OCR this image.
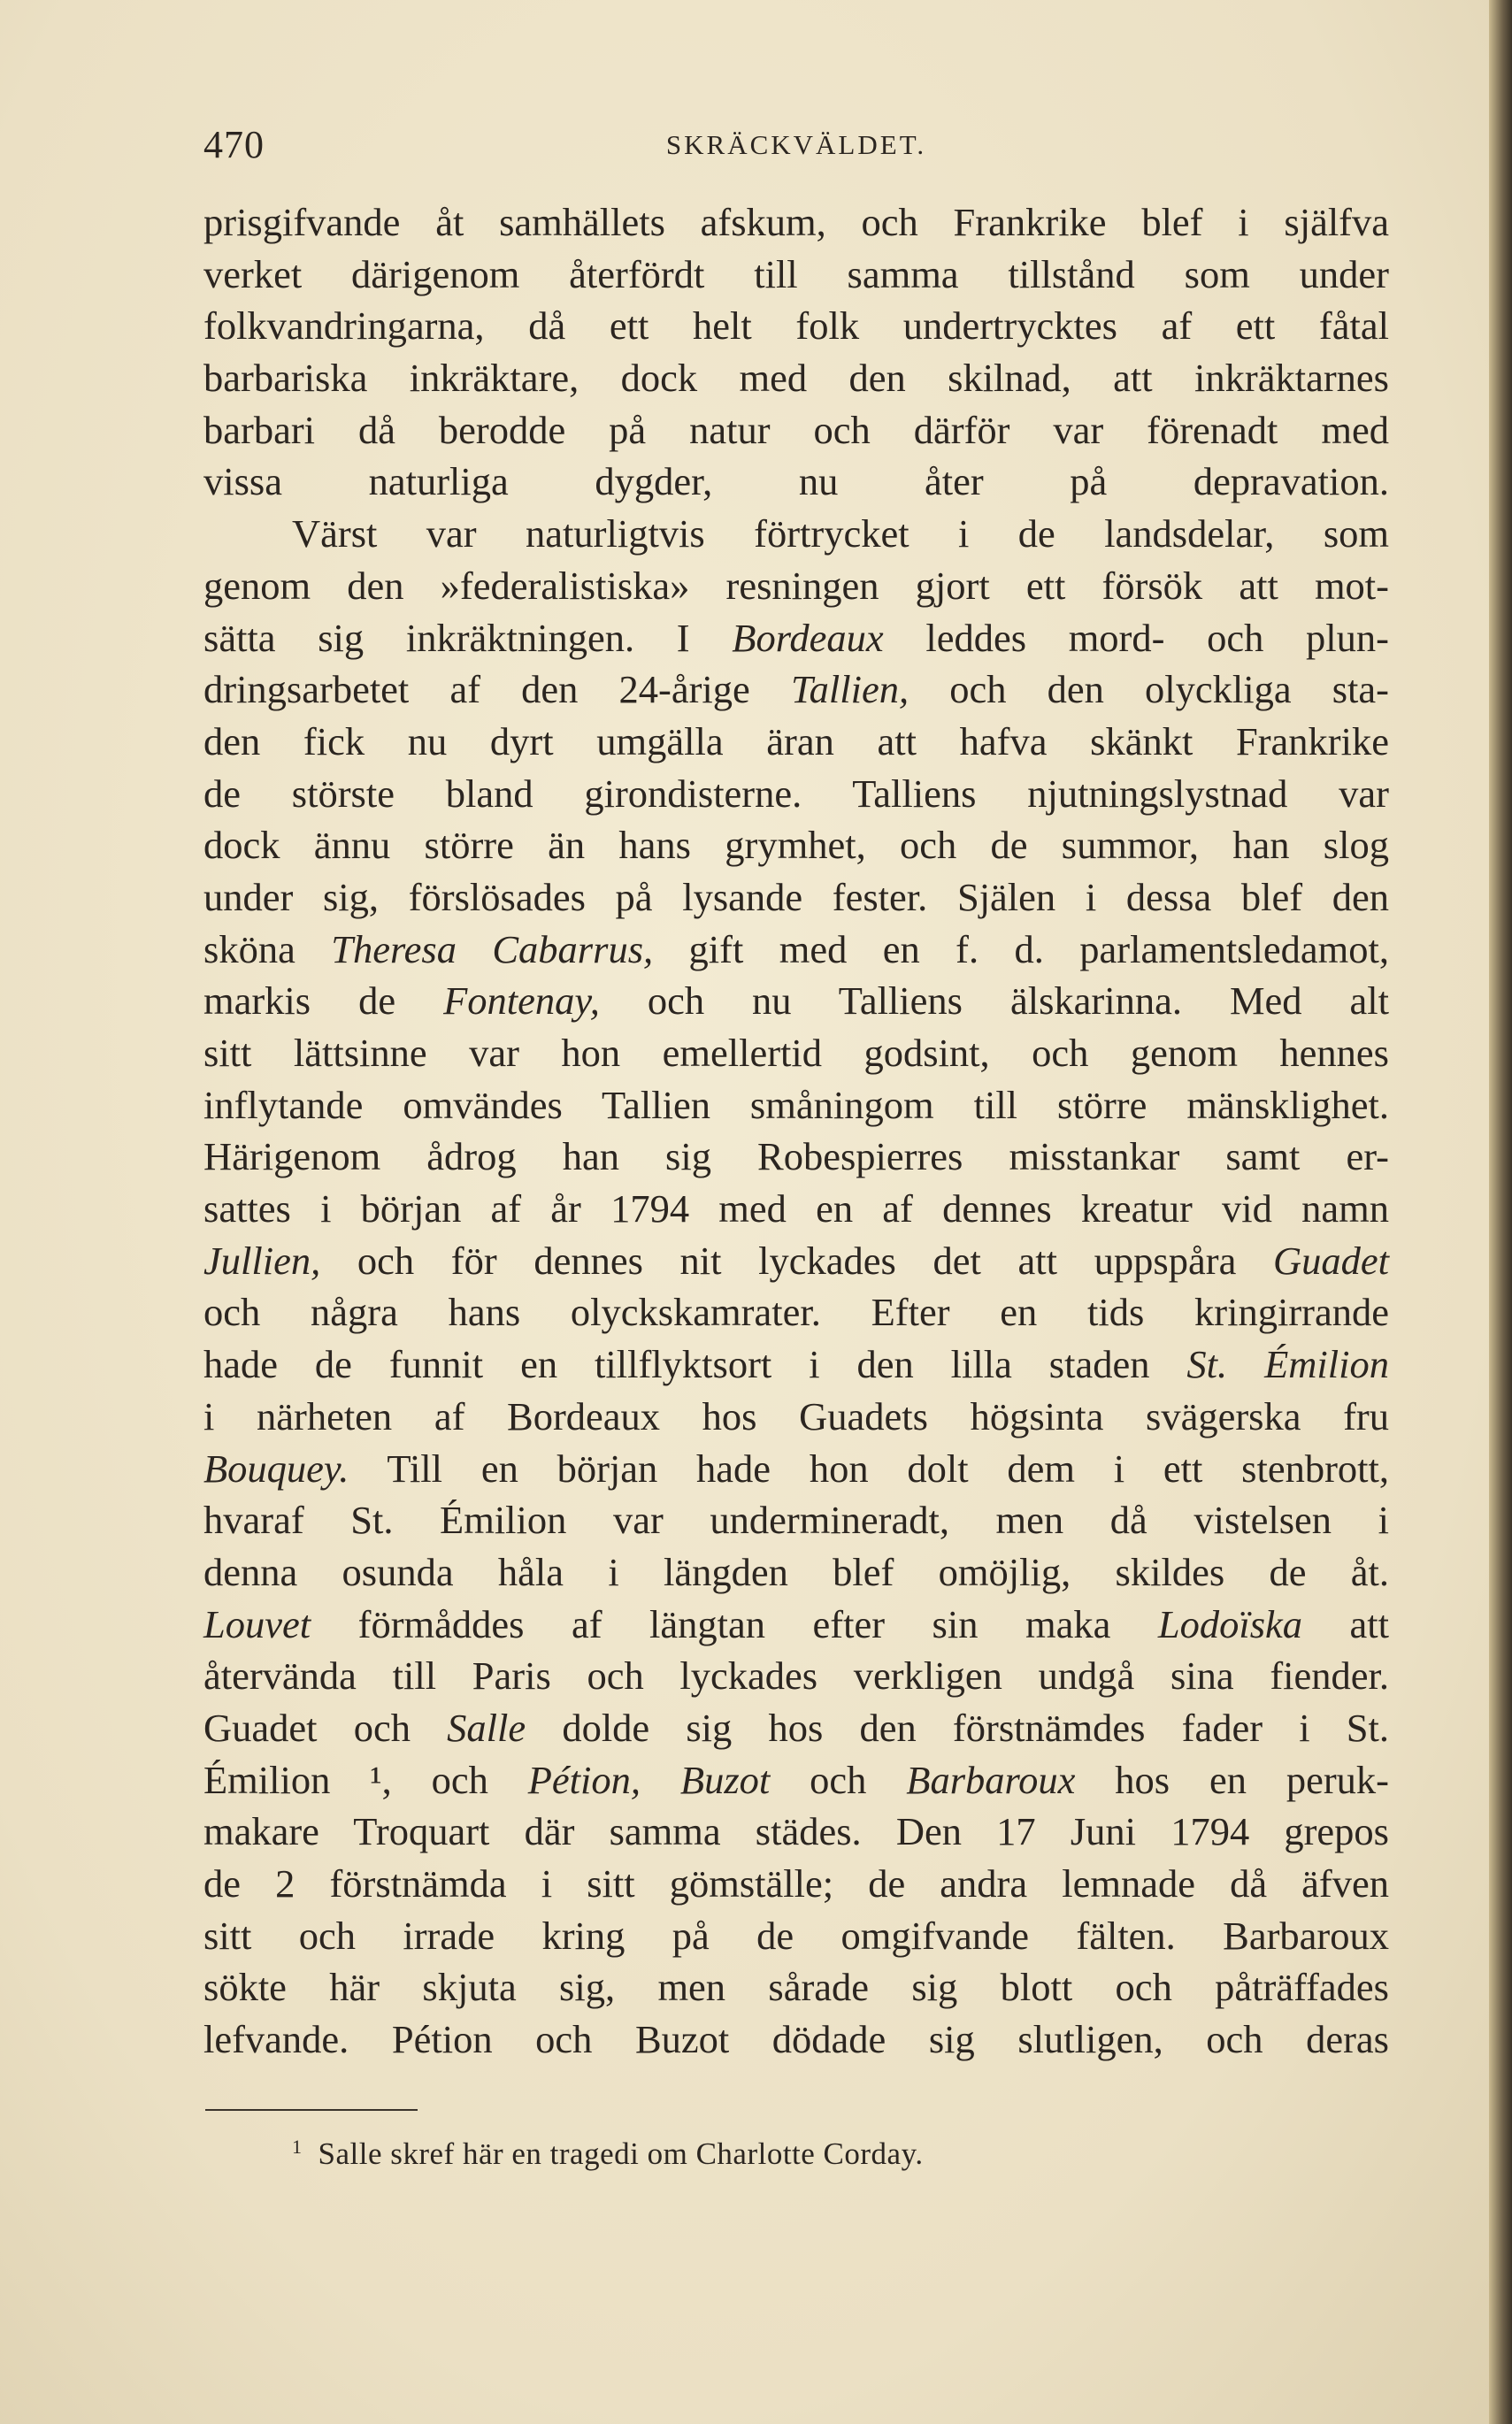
470	SKRÄCKVÄLDET.
prisgifvande åt samhällets afskum, och Frankrike blef i själfva
verket därigenom återfördt till samma tillstånd som under
folkvandringarna, då ett helt folk undertrycktes af ett fåtal
barbariska inkräktare, dock med den skilnad, att inkräktarnes
barbari då berodde på natur och därför var förenadt med
vissa naturliga dygder, nu åter på depravation.
Värst var naturligtvis förtrycket i de landsdelar, som
genom den »federalistiska» resningen gjort ett försök att mot-
sätta sig inkräktningen. I Bordeaux leddes mord- och plun-
dringsarbetet af den 24-årige Tallien, och den olyckliga sta-
den fick nu dyrt umgälla äran att hafva skänkt Frankrike
de störste bland girondisterne. Talliens njutningslystnad var
dock ännu större än hans grymhet, och de summor, han slog
under sig, förslösades på lysande fester. Själen i dessa blef den
sköna Theresa Cabarrus, gift med en f. d. parlamentsledamot,
markis de Fontenay, och nu Talliens älskarinna. Med alt
sitt lättsinne var hon emellertid godsint, och genom hennes
inflytande omvändes Tallien småningom till större mänsklighet.
Härigenom ådrog han sig Robespierres misstankar samt er-
sattes i början af år 1794 med en af dennes kreatur vid namn
Jullien, och för dennes nit lyckades det att uppspåra Guadet
och några hans olyckskamrater. Efter en tids kringirrande
hade de funnit en tillflyktsort i den lilla staden St. Émilion
i närheten af Bordeaux hos Guadets högsinta svägerska fru
Bouquey. Till en början hade hon dolt dem i ett stenbrott,
hvaraf St. Émilion var undermineradt, men då vistelsen i
denna osunda håla i längden blef omöjlig, skildes de åt.
Louvet förmåddes af längtan efter sin maka Lodoïska att
återvända till Paris och lyckades verkligen undgå sina fiender.
Guadet och Salle dolde sig hos den förstnämdes fader i St.
Émilion ¹, och Pétion, Buzot och Barbaroux hos en peruk-
makare Troquart där samma städes. Den 17 Juni 1794 grepos
de 2 förstnämda i sitt gömställe; de andra lemnade då äfven
sitt och irrade kring på de omgifvande fälten. Barbaroux
sökte här skjuta sig, men sårade sig blott och påträffades
lefvande. Pétion och Buzot dödade sig slutligen, och deras
$^1$ Salle skref här en tragedi om Charlotte Corday.
